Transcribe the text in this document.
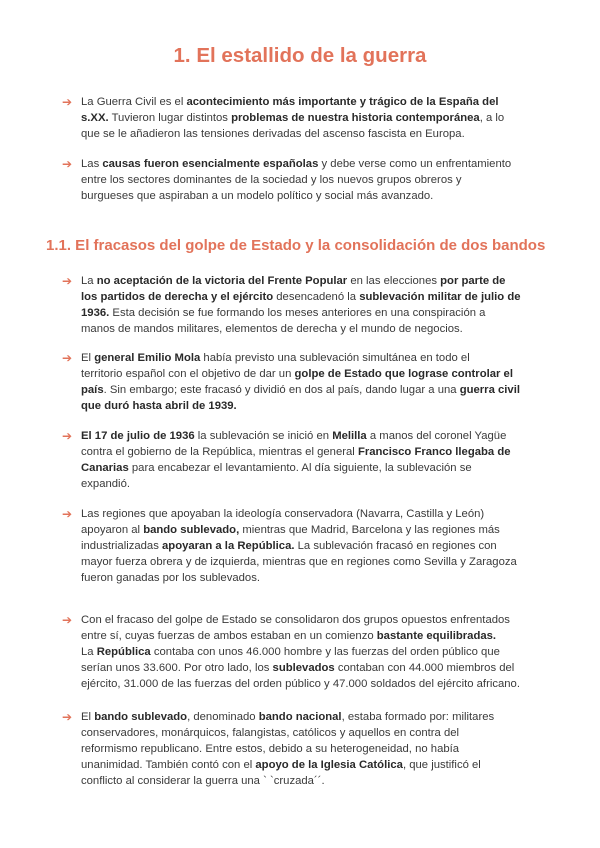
1. El estallido de la guerra
1.1. El fracasos del golpe de Estado y la consolidación de dos bandos
➔ La Guerra Civil es el acontecimiento más importante y trágico de la España del
s.XX. Tuvieron lugar distintos problemas de nuestra historia contemporánea, a lo
que se le añadieron las tensiones derivadas del ascenso fascista en Europa.
➔ Las causas fueron esencialmente españolas y debe verse como un enfrentamiento
entre los sectores dominantes de la sociedad y los nuevos grupos obreros y
burgueses que aspiraban a un modelo político y social más avanzado.
➔ La no aceptación de la victoria del Frente Popular en las elecciones por parte de
los partidos de derecha y el ejército desencadenó la sublevación militar de julio de
1936. Esta decisión se fue formando los meses anteriores en una conspiración a
manos de mandos militares, elementos de derecha y el mundo de negocios.
➔ El general Emilio Mola había previsto una sublevación simultánea en todo el
territorio español con el objetivo de dar un golpe de Estado que lograse controlar el
país. Sin embargo; este fracasó y dividió en dos al país, dando lugar a una guerra civil
que duró hasta abril de 1939.
➔ El 17 de julio de 1936 la sublevación se inició en Melilla a manos del coronel Yagüe
contra el gobierno de la República, mientras el general Francisco Franco llegaba de
Canarias para encabezar el levantamiento. Al día siguiente, la sublevación se
expandió.
➔ Las regiones que apoyaban la ideología conservadora (Navarra, Castilla y León)
apoyaron al bando sublevado, mientras que Madrid, Barcelona y las regiones más
industrializadas apoyaran a la República. La sublevación fracasó en regiones con
mayor fuerza obrera y de izquierda, mientras que en regiones como Sevilla y Zaragoza
fueron ganadas por los sublevados.
➔ Con el fracaso del golpe de Estado se consolidaron dos grupos opuestos enfrentados
entre sí, cuyas fuerzas de ambos estaban en un comienzo bastante equilibradas.
La República contaba con unos 46.000 hombre y las fuerzas del orden público que
serían unos 33.600. Por otro lado, los sublevados contaban con 44.000 miembros del
ejército, 31.000 de las fuerzas del orden público y 47.000 soldados del ejército africano.
➔ El bando sublevado, denominado bando nacional, estaba formado por: militares
conservadores, monárquicos, falangistas, católicos y aquellos en contra del
reformismo republicano. Entre estos, debido a su heterogeneidad, no había
unanimidad. También contó con el apoyo de la Iglesia Católica, que justificó el
conflicto al considerar la guerra una ` `cruzada´´.
